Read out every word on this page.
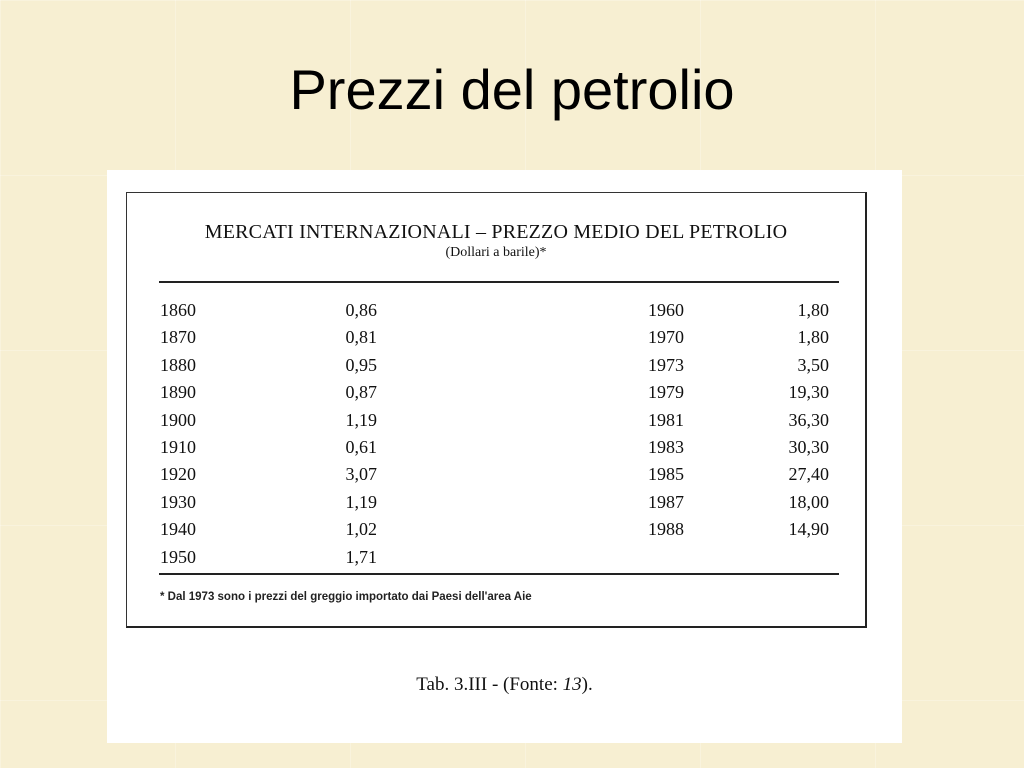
Prezzi del petrolio
MERCATI INTERNAZIONALI – PREZZO MEDIO DEL PETROLIO
(Dollari a barile)*
1860
1870
1880
1890
1900
1910
1920
1930
1940
1950
0,86
0,81
0,95
0,87
1,19
0,61
3,07
1,19
1,02
1,71
1960
1970
1973
1979
1981
1983
1985
1987
1988
1,80
1,80
3,50
19,30
36,30
30,30
27,40
18,00
14,90
* Dal 1973 sono i prezzi del greggio importato dai Paesi dell'area Aie
Tab. 3.III - (Fonte: 13).
